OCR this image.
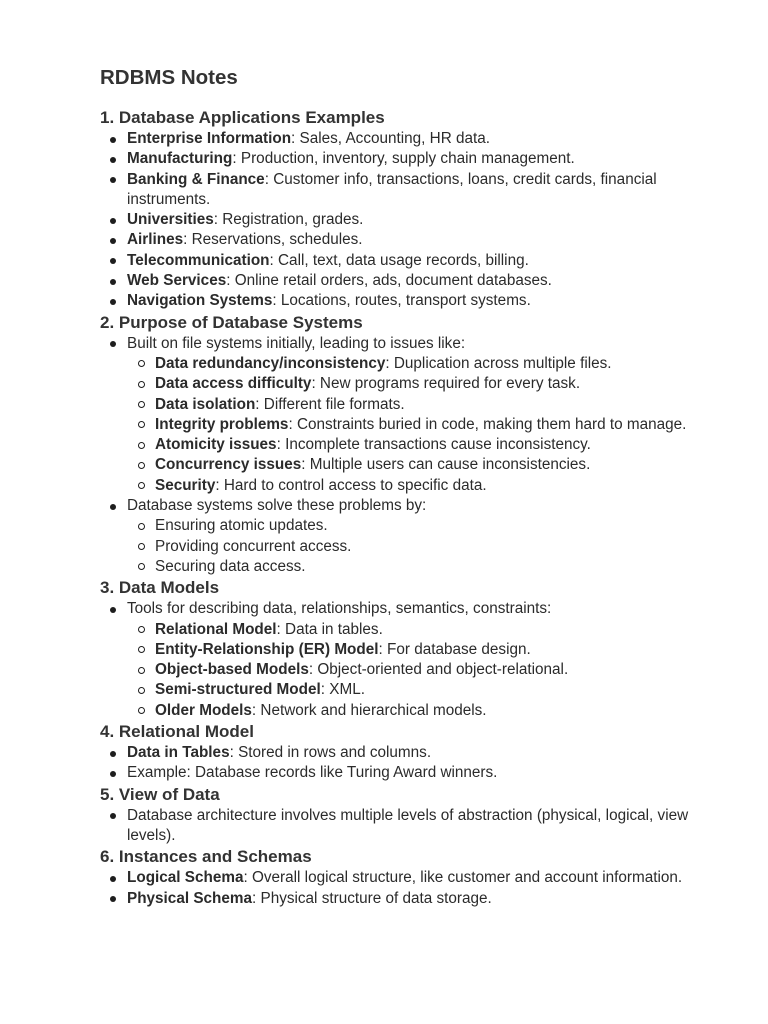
RDBMS Notes
1. Database Applications Examples
Enterprise Information: Sales, Accounting, HR data.
Manufacturing: Production, inventory, supply chain management.
Banking & Finance: Customer info, transactions, loans, credit cards, financial instruments.
Universities: Registration, grades.
Airlines: Reservations, schedules.
Telecommunication: Call, text, data usage records, billing.
Web Services: Online retail orders, ads, document databases.
Navigation Systems: Locations, routes, transport systems.
2. Purpose of Database Systems
Built on file systems initially, leading to issues like:
Data redundancy/inconsistency: Duplication across multiple files.
Data access difficulty: New programs required for every task.
Data isolation: Different file formats.
Integrity problems: Constraints buried in code, making them hard to manage.
Atomicity issues: Incomplete transactions cause inconsistency.
Concurrency issues: Multiple users can cause inconsistencies.
Security: Hard to control access to specific data.
Database systems solve these problems by:
Ensuring atomic updates.
Providing concurrent access.
Securing data access.
3. Data Models
Tools for describing data, relationships, semantics, constraints:
Relational Model: Data in tables.
Entity-Relationship (ER) Model: For database design.
Object-based Models: Object-oriented and object-relational.
Semi-structured Model: XML.
Older Models: Network and hierarchical models.
4. Relational Model
Data in Tables: Stored in rows and columns.
Example: Database records like Turing Award winners.
5. View of Data
Database architecture involves multiple levels of abstraction (physical, logical, view levels).
6. Instances and Schemas
Logical Schema: Overall logical structure, like customer and account information.
Physical Schema: Physical structure of data storage.
